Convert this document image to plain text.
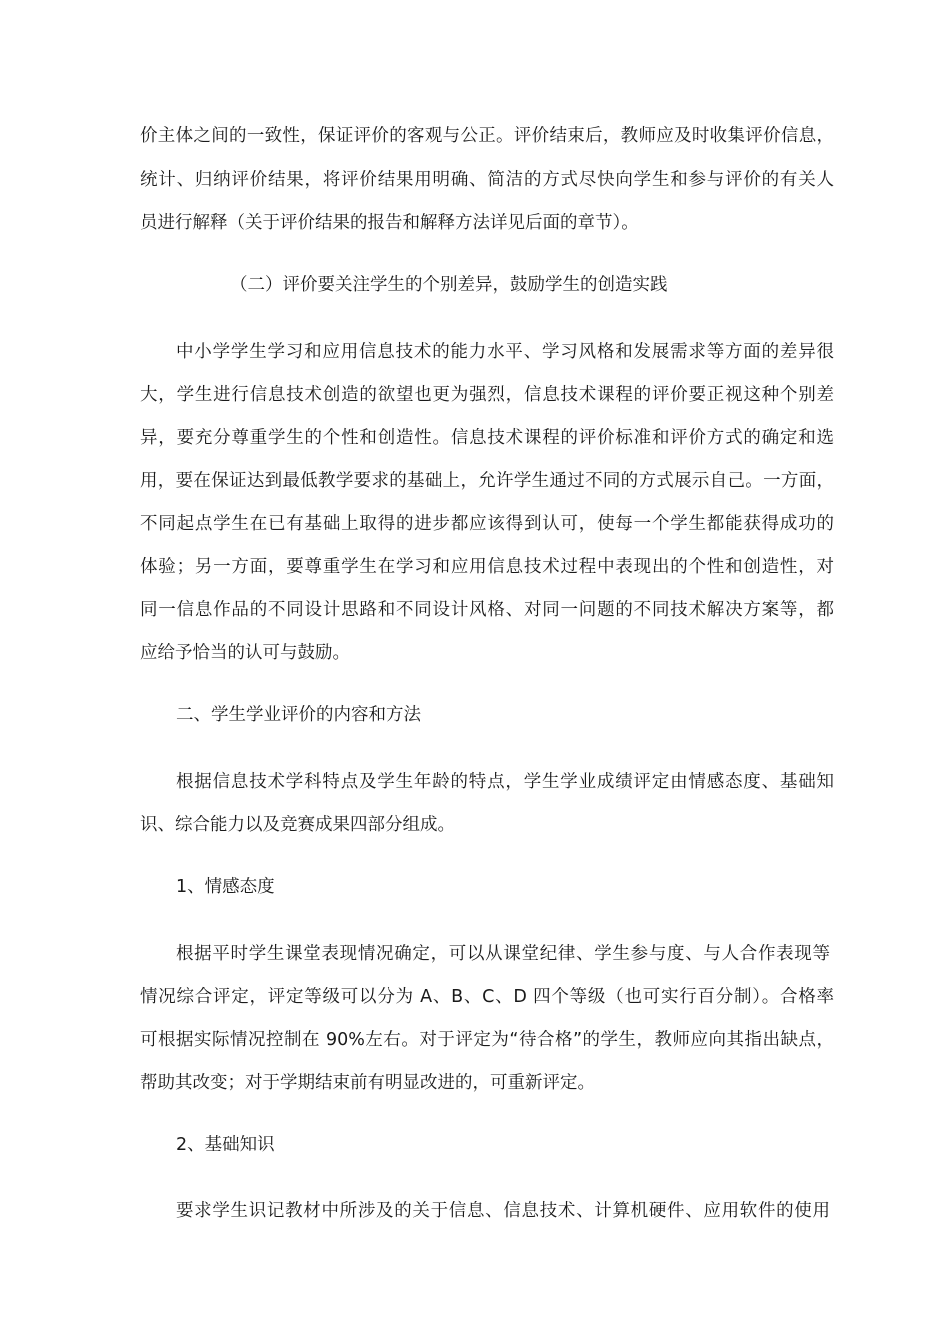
价主体之间的一致性，保证评价的客观与公正。评价结束后，教师应及时收集评价信息，

统计、归纳评价结果，将评价结果用明确、简洁的方式尽快向学生和参与评价的有关人

员进行解释（关于评价结果的报告和解释方法详见后面的章节）。

（二）评价要关注学生的个别差异，鼓励学生的创造实践

中小学学生学习和应用信息技术的能力水平、学习风格和发展需求等方面的差异很

大，学生进行信息技术创造的欲望也更为强烈，信息技术课程的评价要正视这种个别差

异，要充分尊重学生的个性和创造性。信息技术课程的评价标准和评价方式的确定和选

用，要在保证达到最低教学要求的基础上，允许学生通过不同的方式展示自己。一方面，

不同起点学生在已有基础上取得的进步都应该得到认可，使每一个学生都能获得成功的

体验；另一方面，要尊重学生在学习和应用信息技术过程中表现出的个性和创造性，对

同一信息作品的不同设计思路和不同设计风格、对同一问题的不同技术解决方案等，都

应给予恰当的认可与鼓励。

二、学生学业评价的内容和方法

根据信息技术学科特点及学生年龄的特点，学生学业成绩评定由情感态度、基础知

识、综合能力以及竞赛成果四部分组成。

1、情感态度

根据平时学生课堂表现情况确定，可以从课堂纪律、学生参与度、与人合作表现等

情况综合评定，评定等级可以分为 A、B、C、D 四个等级（也可实行百分制）。合格率

可根据实际情况控制在 90%左右。对于评定为“待合格”的学生，教师应向其指出缺点，

帮助其改变；对于学期结束前有明显改进的，可重新评定。

2、基础知识

要求学生识记教材中所涉及的关于信息、信息技术、计算机硬件、应用软件的使用
